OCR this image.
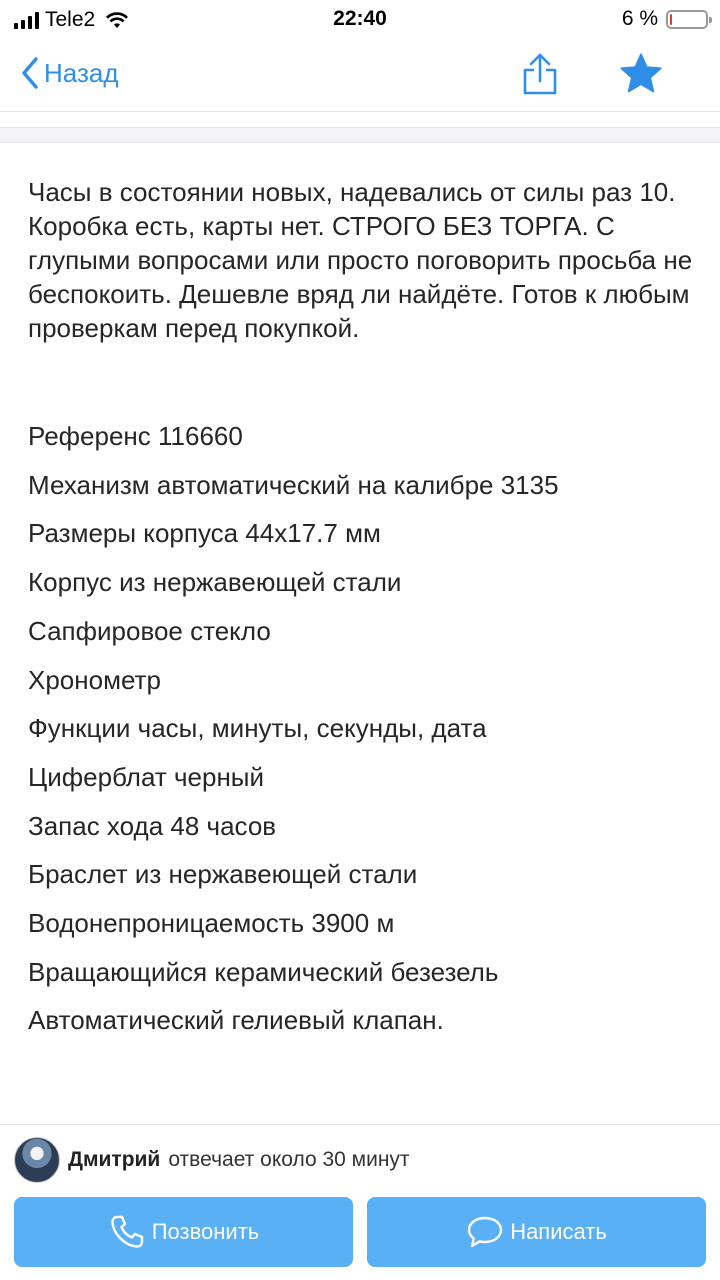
Tele2	22:40	6 %
Назад

Часы в состоянии новых, надевались от силы раз 10. Коробка есть, карты нет. СТРОГО БЕЗ ТОРГА. С глупыми вопросами или просто поговорить просьба не беспокоить. Дешевле вряд ли найдёте. Готов к любым проверкам перед покупкой.

Референс 116660
Механизм автоматический на калибре 3135
Размеры корпуса 44х17.7 мм
Корпус из нержавеющей стали
Сапфировое стекло
Хронометр
Функции часы, минуты, секунды, дата
Циферблат черный
Запас хода 48 часов
Браслет из нержавеющей стали
Водонепроницаемость 3900 м
Вращающийся керамический безезель
Автоматический гелиевый клапан.
Дмитрий отвечает около 30 минут
Позвонить	Написать
